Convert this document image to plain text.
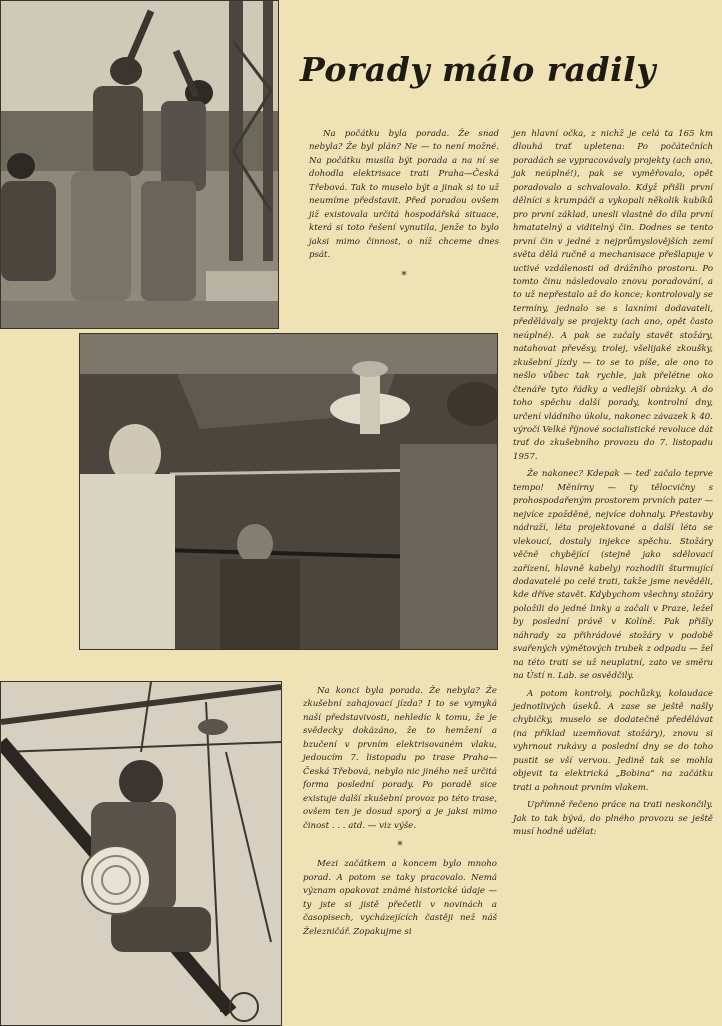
Porady málo radily

Na počátku byla porada. Že snad nebyla? Že byl plán? Ne — to není možné. Na počátku musila být porada a na ní se dohodla elektrisace trati Praha—Česká Třebová. Tak to muselo být a jinak si to už neumíme představit. Před poradou ovšem již existovala určitá hospodářská situace, která si toto řešení vynutila, jenže to bylo jaksi mimo činnost, o níž chceme dnes psát.

*

jen hlavní očka, z nichž je celá ta 165 km dlouhá trať upletena: Po počátečních poradách se vypracovávaly projekty (ach ano, jak neúplné!), pak se vyměřovalo, opět poradovalo a schvalovalo. Když přišli první dělníci s krumpáči a vykopali několik kubíků pro první základ, unesli vlastně do díla první hmatatelný a viditelný čin. Dodnes se tento první čin v jedné z nejprůmyslovějších zemí světa dělá ručně a mechanisace přešlapuje v uctivé vzdálenosti od drážního prostoru. Po tomto činu následovalo znovu poradování, a to už nepřestalo až do konce; kontrolovaly se termíny, jednalo se s laxními dodavateli, předělávaly se projekty (ach ano, opět často neúplné). A pak se začaly stavět stožáry, natahovat převěsy, trolej, všelijaké zkoušky, zkušební jízdy — to se to píše, ale ono to nešlo vůbec tak rychle, jak přelétne oko čtenáře tyto řádky a vedlejší obrázky. A do toho spěchu další porady, kontrolní dny, určení vládního úkolu, nakonec závazek k 40. výročí Velké říjnové socialistické revoluce dát trať do zkušebního provozu do 7. listopadu 1957.

Že nakonec? Kdepak — teď začalo teprve tempo! Měnírny — ty tělocvičny s prohospodařeným prostorem prvních pater — nejvíce zpožděné, nejvíce dohnaly. Přestavby nádraží, léta projektované a další léta se vlekoucí, dostaly injekce spěchu. Stožáry věčně chybějící (stejně jako sdělovací zařízení, hlavně kabely) rozhodili šturmující dodavatelé po celé trati, takže jsme nevěděli, kde dříve stavět. Kdybychom všechny stožáry položili do jedné linky a začali v Praze, ležel by poslední právě v Kolíně. Pak přišly náhrady za přihrádové stožáry v podobě svařených výmětových trubek z odpadu — žel na této trati se už neuplatní, zato ve směru na Ústí n. Lab. se osvědčily.

A potom kontroly, pochůzky, kolaudace jednotlivých úseků. A zase se ještě našly chybičky, muselo se dodatečně předělávat (na příklad uzemňovat stožáry), znovu si vyhrnout rukávy a poslední dny se do toho pustit se vší vervou. Jedině tak se mohla objevit ta elektrická „Bobina“ na začátku trati a pohnout prvním vlakem.

Upřímně řečeno práce na trati neskončily. Jak to tak bývá, do plného provozu se ještě musí hodně udělat:

Na konci byla porada. Že nebyla? Že zkušební zahajovací jízda? I to se vymyká naší představivosti, nehledíc k tomu, že je svědecky dokázáno, že to hemžení a bzučení v prvním elektrisovaném vlaku, jedoucím 7. listopadu po trase Praha—Česká Třebová, nebylo nic jiného než určitá forma poslední porady. Po poradě sice existuje další zkušební provoz po této trase, ovšem ten je dosud sporý a je jaksi mimo činost . . . atd. — viz výše.

*

Mezi začátkem a koncem bylo mnoho porad. A potom se taky pracovalo. Nemá význam opakovat známé historické údaje — ty jste si jistě přečetli v novinách a časopisech, vycházejících častěji než náš Železničář. Zopakujme si
